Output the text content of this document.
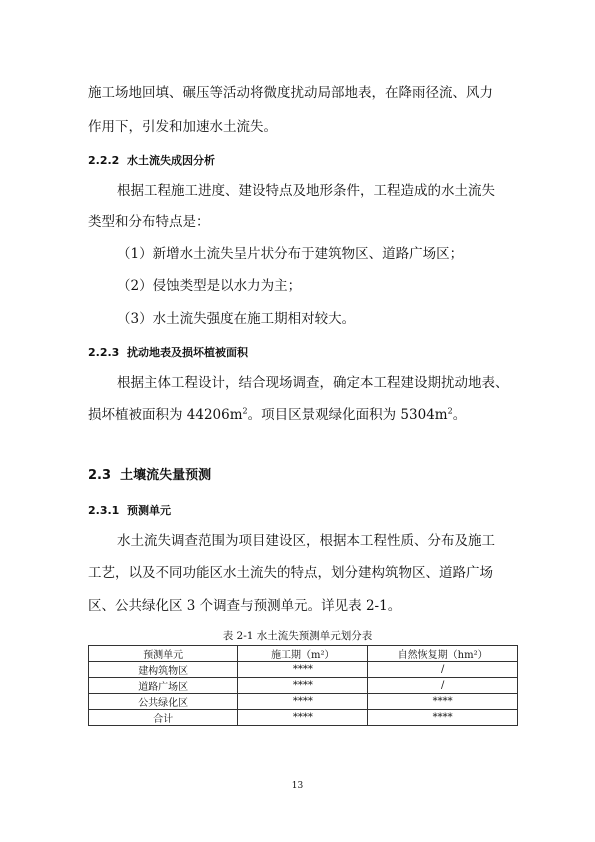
施工场地回填、碾压等活动将微度扰动局部地表，在降雨径流、风力
作用下，引发和加速水土流失。
2.2.2 水土流失成因分析
根据工程施工进度、建设特点及地形条件，工程造成的水土流失
类型和分布特点是：
（1）新增水土流失呈片状分布于建筑物区、道路广场区；
（2）侵蚀类型是以水力为主；
（3）水土流失强度在施工期相对较大。
2.2.3 扰动地表及损坏植被面积
根据主体工程设计，结合现场调查，确定本工程建设期扰动地表、
损坏植被面积为 $44206m^2$。项目区景观绿化面积为 $5304m^2$。
2.3 土壤流失量预测
2.3.1 预测单元
水土流失调查范围为项目建设区，根据本工程性质、分布及施工
工艺，以及不同功能区水土流失的特点，划分建构筑物区、道路广场
区、公共绿化区 3 个调查与预测单元。详见表 2-1。
表 2-1 水土流失预测单元划分表
预测单元	施工期（m²）	自然恢复期（hm²）
建构筑物区	****	/
道路广场区	****	/
公共绿化区	****	****
合计	****	****
13
